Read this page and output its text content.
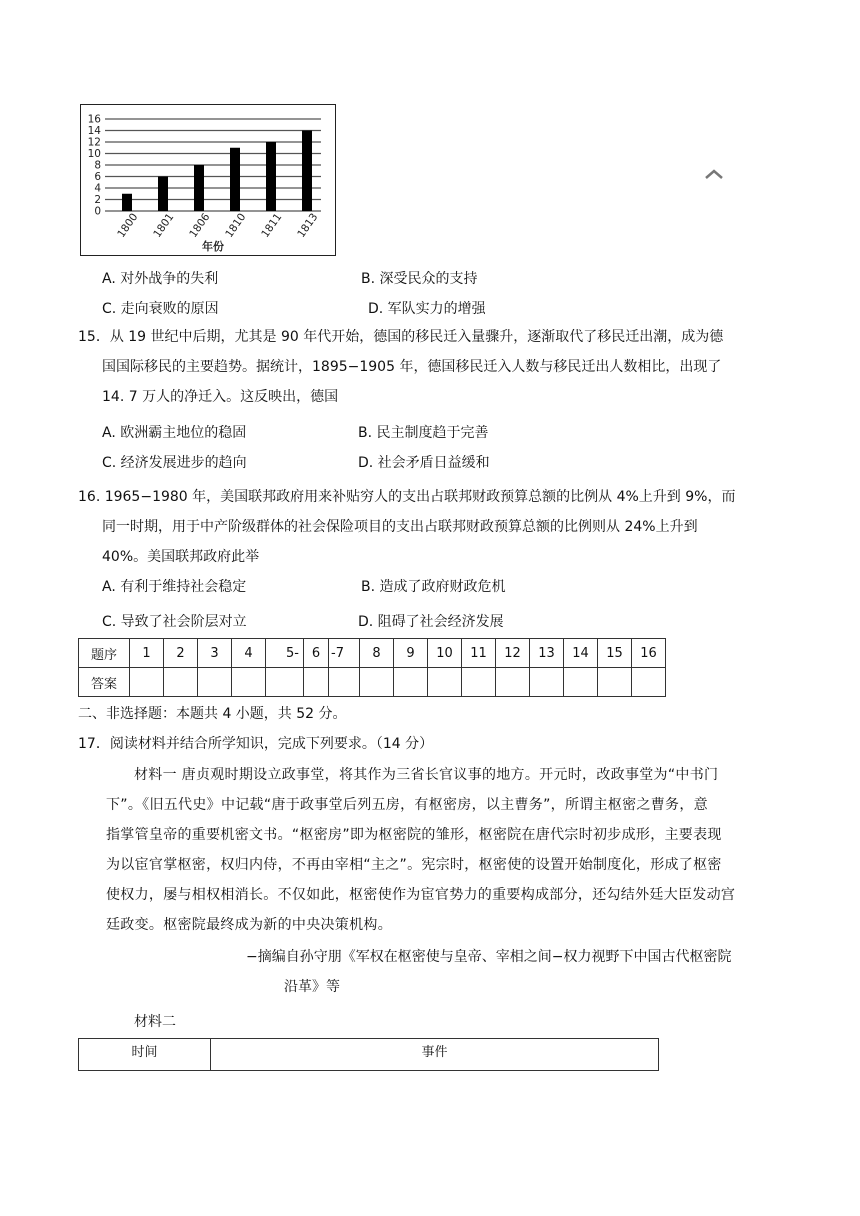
0
2
4
6
8
10
12
14
16
1800 1801 1806 1810 1811 1813
年份
A. 对外战争的失利	B. 深受民众的支持
C. 走向衰败的原因	D. 军队实力的增强

15．从 19 世纪中后期，尤其是 90 年代开始，德国的移民迁入量骤升，逐渐取代了移民迁出潮，成为德

国国际移民的主要趋势。据统计，1895−1905 年，德国移民迁入人数与移民迁出人数相比，出现了

14. 7 万人的净迁入。这反映出，德国

A. 欧洲霸主地位的稳固	B. 民主制度趋于完善
C. 经济发展进步的趋向	D. 社会矛盾日益缓和

16. 1965−1980 年，美国联邦政府用来补贴穷人的支出占联邦财政预算总额的比例从 4%上升到 9%，而

同一时期，用于中产阶级群体的社会保险项目的支出占联邦财政预算总额的比例则从 24%上升到

40%。美国联邦政府此举

A. 有利于维持社会稳定	B. 造成了政府财政危机
C. 导致了社会阶层对立	D. 阻碍了社会经济发展
题序	1	2	3	4	5-	6	-7	8	9	10	11	12	13	14	15	16
答案																
二、非选择题：本题共 4 小题，共 52 分。
17．阅读材料并结合所学知识，完成下列要求。（14 分）
材料一 唐贞观时期设立政事堂，将其作为三省长官议事的地方。开元时，改政事堂为“中书门
下”。《旧五代史》中记载“唐于政事堂后列五房，有枢密房，以主曹务”，所谓主枢密之曹务，意
指掌管皇帝的重要机密文书。“枢密房”即为枢密院的雏形，枢密院在唐代宗时初步成形，主要表现
为以宦官掌枢密，权归内侍，不再由宰相“主之”。宪宗时，枢密使的设置开始制度化，形成了枢密
使权力，屡与相权相消长。不仅如此，枢密使作为宦官势力的重要构成部分，还勾结外廷大臣发动宫
廷政变。枢密院最终成为新的中央决策机构。
−摘编自孙守朋《军权在枢密使与皇帝、宰相之间−权力视野下中国古代枢密院
沿革》等
材料二
时间	事件
